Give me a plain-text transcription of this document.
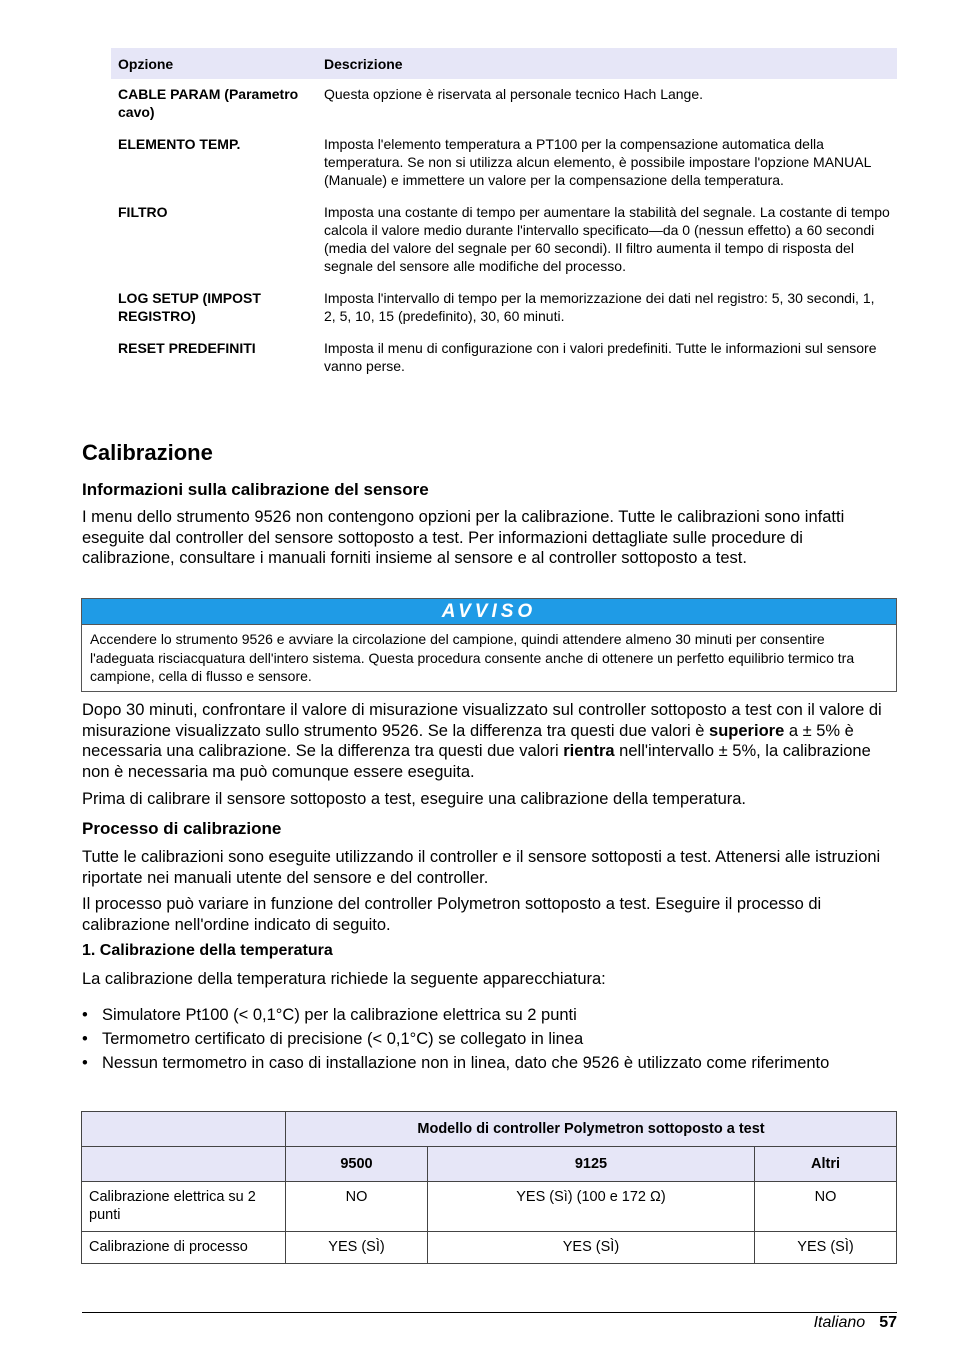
Opzione	Descrizione
CABLE PARAM (Parametro cavo)	Questa opzione è riservata al personale tecnico Hach Lange.
ELEMENTO TEMP.	Imposta l'elemento temperatura a PT100 per la compensazione automatica della temperatura. Se non si utilizza alcun elemento, è possibile impostare l'opzione MANUAL (Manuale) e immettere un valore per la compensazione della temperatura.
FILTRO	Imposta una costante di tempo per aumentare la stabilità del segnale. La costante di tempo calcola il valore medio durante l'intervallo specificato—da 0 (nessun effetto) a 60 secondi (media del valore del segnale per 60 secondi). Il filtro aumenta il tempo di risposta del segnale del sensore alle modifiche del processo.
LOG SETUP (IMPOST REGISTRO)	Imposta l'intervallo di tempo per la memorizzazione dei dati nel registro: 5, 30 secondi, 1, 2, 5, 10, 15 (predefinito), 30, 60 minuti.
RESET PREDEFINITI	Imposta il menu di configurazione con i valori predefiniti. Tutte le informazioni sul sensore vanno perse.
Calibrazione
Informazioni sulla calibrazione del sensore

I menu dello strumento 9526 non contengono opzioni per la calibrazione. Tutte le calibrazioni sono infatti eseguite dal controller del sensore sottoposto a test. Per informazioni dettagliate sulle procedure di calibrazione, consultare i manuali forniti insieme al sensore e al controller sottoposto a test.

AVVISO
Accendere lo strumento 9526 e avviare la circolazione del campione, quindi attendere almeno 30 minuti per consentire l'adeguata risciacquatura dell'intero sistema. Questa procedura consente anche di ottenere un perfetto equilibrio termico tra campione, cella di flusso e sensore.

Dopo 30 minuti, confrontare il valore di misurazione visualizzato sul controller sottoposto a test con il valore di misurazione visualizzato sullo strumento 9526. Se la differenza tra questi due valori è superiore a ± 5% è necessaria una calibrazione. Se la differenza tra questi due valori rientra nell'intervallo ± 5%, la calibrazione non è necessaria ma può comunque essere eseguita.

Prima di calibrare il sensore sottoposto a test, eseguire una calibrazione della temperatura.

Processo di calibrazione

Tutte le calibrazioni sono eseguite utilizzando il controller e il sensore sottoposti a test. Attenersi alle istruzioni riportate nei manuali utente del sensore e del controller.

Il processo può variare in funzione del controller Polymetron sottoposto a test. Eseguire il processo di calibrazione nell'ordine indicato di seguito.

1. Calibrazione della temperatura

La calibrazione della temperatura richiede la seguente apparecchiatura:

• Simulatore Pt100 (< 0,1°C) per la calibrazione elettrica su 2 punti
• Termometro certificato di precisione (< 0,1°C) se collegato in linea
• Nessun termometro in caso di installazione non in linea, dato che 9526 è utilizzato come riferimento
	Modello di controller Polymetron sottoposto a test		
	9500	9125	Altri
Calibrazione elettrica su 2 punti	NO	YES (Sì) (100 e 172 Ω)	NO
Calibrazione di processo	YES (SÌ)	YES (SÌ)	YES (SÌ)
Italiano 57
